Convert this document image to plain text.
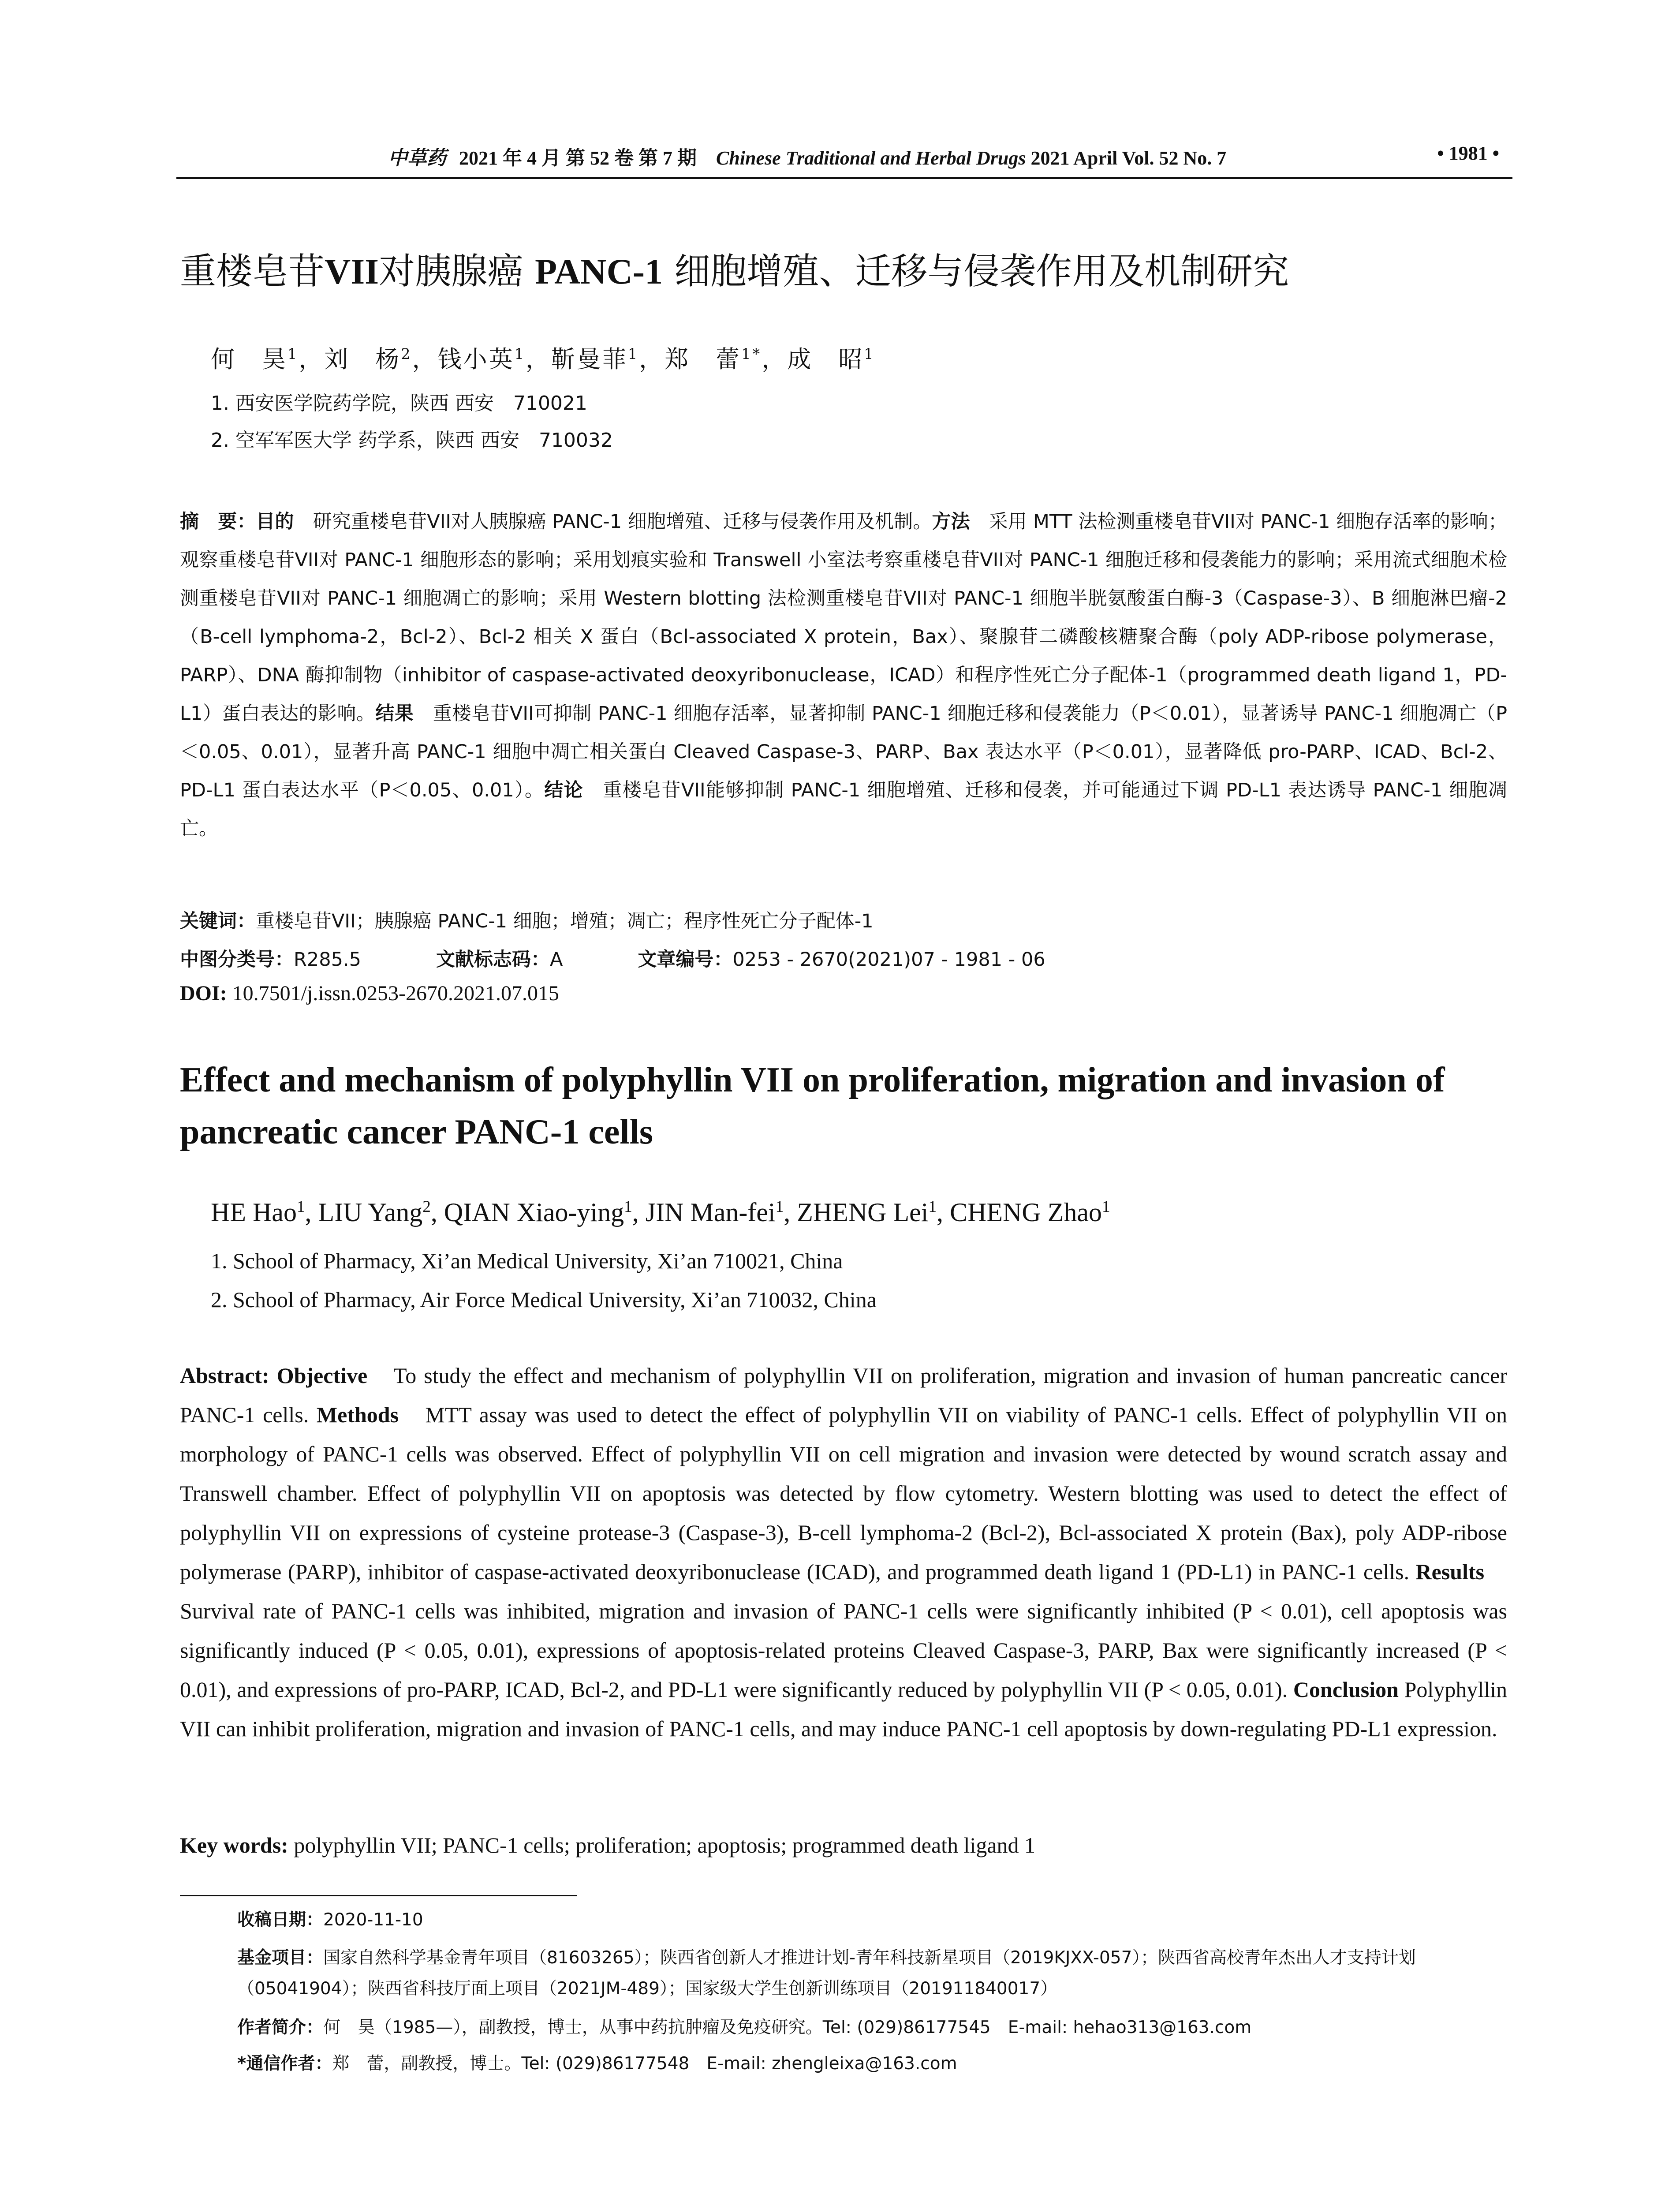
中草药 2021 年 4 月 第 52 卷 第 7 期 Chinese Traditional and Herbal Drugs 2021 April Vol. 52 No. 7	• 1981 •
重楼皂苷VII对胰腺癌 PANC-1 细胞增殖、迁移与侵袭作用及机制研究
何　昊$^1$，刘　杨$^2$，钱小英$^1$，靳曼菲$^1$，郑　蕾$^{1*}$，成　昭$^1$
1. 西安医学院药学院，陕西 西安　710021
2. 空军军医大学 药学系，陕西 西安　710032

摘　要：目的　研究重楼皂苷VII对人胰腺癌 PANC-1 细胞增殖、迁移与侵袭作用及机制。方法　采用 MTT 法检测重楼皂苷VII对 PANC-1 细胞存活率的影响；观察重楼皂苷VII对 PANC-1 细胞形态的影响；采用划痕实验和 Transwell 小室法考察重楼皂苷VII对 PANC-1 细胞迁移和侵袭能力的影响；采用流式细胞术检测重楼皂苷VII对 PANC-1 细胞凋亡的影响；采用 Western blotting 法检测重楼皂苷VII对 PANC-1 细胞半胱氨酸蛋白酶-3（Caspase-3）、B 细胞淋巴瘤-2（B-cell lymphoma-2，Bcl-2）、Bcl-2 相关 X 蛋白（Bcl-associated X protein，Bax）、聚腺苷二磷酸核糖聚合酶（poly ADP-ribose polymerase，PARP）、DNA 酶抑制物（inhibitor of caspase-activated deoxyribonuclease，ICAD）和程序性死亡分子配体-1（programmed death ligand 1，PD-L1）蛋白表达的影响。结果　重楼皂苷VII可抑制 PANC-1 细胞存活率，显著抑制 PANC-1 细胞迁移和侵袭能力（P＜0.01），显著诱导 PANC-1 细胞凋亡（P＜0.05、0.01），显著升高 PANC-1 细胞中凋亡相关蛋白 Cleaved Caspase-3、PARP、Bax 表达水平（P＜0.01），显著降低 pro-PARP、ICAD、Bcl-2、PD-L1 蛋白表达水平（P＜0.05、0.01）。结论　重楼皂苷VII能够抑制 PANC-1 细胞增殖、迁移和侵袭，并可能通过下调 PD-L1 表达诱导 PANC-1 细胞凋亡。

关键词：重楼皂苷VII；胰腺癌 PANC-1 细胞；增殖；凋亡；程序性死亡分子配体-1
中图分类号：R285.5	文献标志码：A	文章编号：0253 - 2670(2021)07 - 1981 - 06
DOI: 10.7501/j.issn.0253-2670.2021.07.015
Effect and mechanism of polyphyllin VII on proliferation, migration and invasion of pancreatic cancer PANC-1 cells
HE Hao$^1$, LIU Yang$^2$, QIAN Xiao-ying$^1$, JIN Man-fei$^1$, ZHENG Lei$^1$, CHENG Zhao$^1$
1. School of Pharmacy, Xi’an Medical University, Xi’an 710021, China
2. School of Pharmacy, Air Force Medical University, Xi’an 710032, China

Abstract: Objective　To study the effect and mechanism of polyphyllin VII on proliferation, migration and invasion of human pancreatic cancer PANC-1 cells. Methods　MTT assay was used to detect the effect of polyphyllin VII on viability of PANC-1 cells. Effect of polyphyllin VII on morphology of PANC-1 cells was observed. Effect of polyphyllin VII on cell migration and invasion were detected by wound scratch assay and Transwell chamber. Effect of polyphyllin VII on apoptosis was detected by flow cytometry. Western blotting was used to detect the effect of polyphyllin VII on expressions of cysteine protease-3 (Caspase-3), B-cell lymphoma-2 (Bcl-2), Bcl-associated X protein (Bax), poly ADP-ribose polymerase (PARP), inhibitor of caspase-activated deoxyribonuclease (ICAD), and programmed death ligand 1 (PD-L1) in PANC-1 cells. Results　Survival rate of PANC-1 cells was inhibited, migration and invasion of PANC-1 cells were significantly inhibited (P < 0.01), cell apoptosis was significantly induced (P < 0.05, 0.01), expressions of apoptosis-related proteins Cleaved Caspase-3, PARP, Bax were significantly increased (P < 0.01), and expressions of pro-PARP, ICAD, Bcl-2, and PD-L1 were significantly reduced by polyphyllin VII (P < 0.05, 0.01). Conclusion Polyphyllin VII can inhibit proliferation, migration and invasion of PANC-1 cells, and may induce PANC-1 cell apoptosis by down-regulating PD-L1 expression.

Key words: polyphyllin VII; PANC-1 cells; proliferation; apoptosis; programmed death ligand 1
收稿日期：2020-11-10
基金项目：国家自然科学基金青年项目（81603265）；陕西省创新人才推进计划-青年科技新星项目（2019KJXX-057）；陕西省高校青年杰出人才支持计划（05041904）；陕西省科技厅面上项目（2021JM-489）；国家级大学生创新训练项目（201911840017）
作者简介：何　昊（1985—），副教授，博士，从事中药抗肿瘤及免疫研究。Tel: (029)86177545　E-mail: hehao313@163.com
*通信作者：郑　蕾，副教授，博士。Tel: (029)86177548　E-mail: zhengleixa@163.com
